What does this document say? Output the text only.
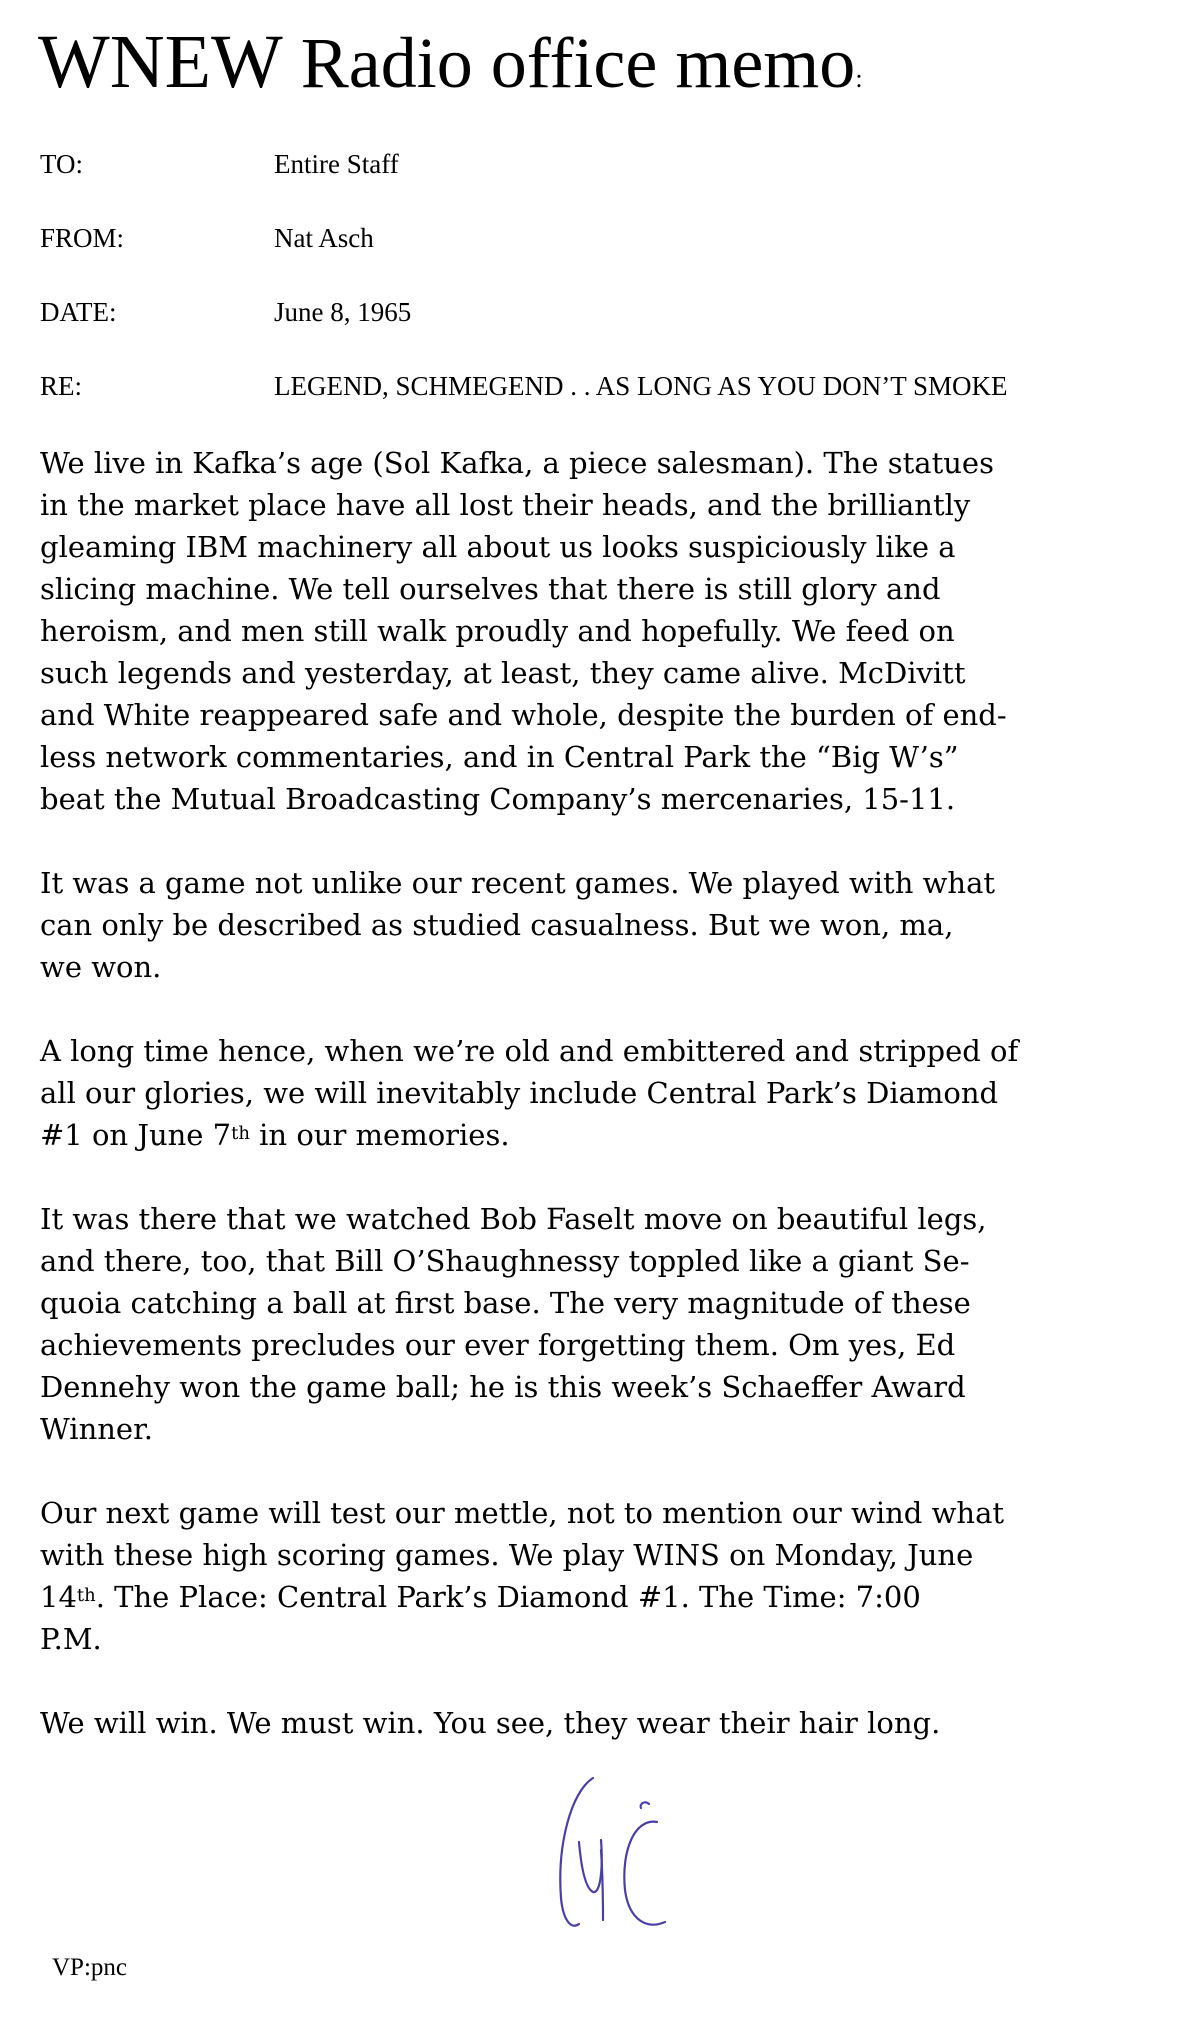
WNEW Radio office memo:
TO:	Entire Staff
FROM:	Nat Asch
DATE:	June 8, 1965
RE:	LEGEND, SCHMEGEND . . AS LONG AS YOU DON’T SMOKE

We live in Kafka’s age (Sol Kafka, a piece salesman). The statues
in the market place have all lost their heads, and the brilliantly
gleaming IBM machinery all about us looks suspiciously like a
slicing machine. We tell ourselves that there is still glory and
heroism, and men still walk proudly and hopefully. We feed on
such legends and yesterday, at least, they came alive. McDivitt
and White reappeared safe and whole, despite the burden of end-
less network commentaries, and in Central Park the “Big W’s”
beat the Mutual Broadcasting Company’s mercenaries, 15-11.

It was a game not unlike our recent games. We played with what
can only be described as studied casualness. But we won, ma,
we won.

A long time hence, when we’re old and embittered and stripped of
all our glories, we will inevitably include Central Park’s Diamond
#1 on June 7th in our memories.

It was there that we watched Bob Faselt move on beautiful legs,
and there, too, that Bill O’Shaughnessy toppled like a giant Se-
quoia catching a ball at first base. The very magnitude of these
achievements precludes our ever forgetting them. Om yes, Ed
Dennehy won the game ball; he is this week’s Schaeffer Award
Winner.

Our next game will test our mettle, not to mention our wind what
with these high scoring games. We play WINS on Monday, June
14th. The Place: Central Park’s Diamond #1. The Time: 7:00
P.M.

We will win. We must win. You see, they wear their hair long.

VP:pnc
